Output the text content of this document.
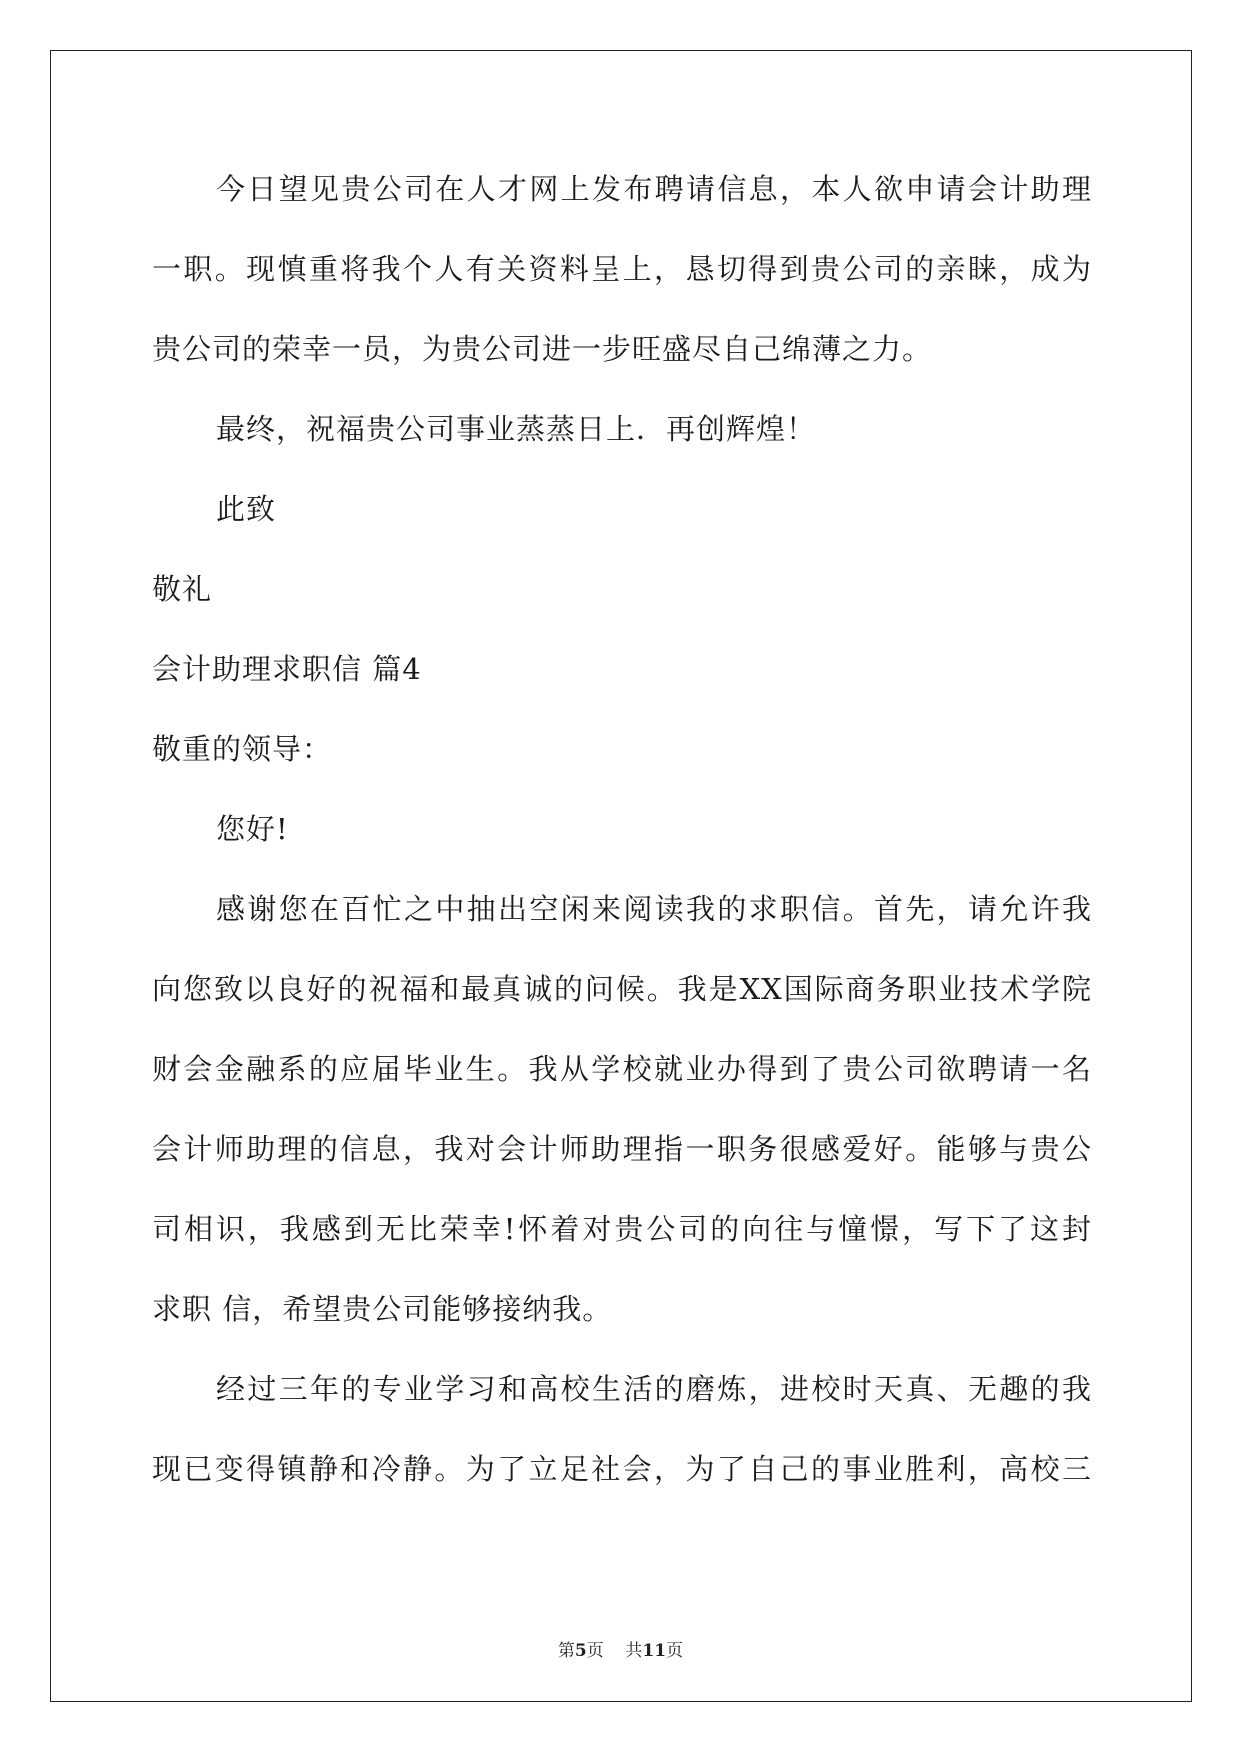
今日望见贵公司在人才网上发布聘请信息，本人欲申请会计助理
一职。现慎重将我个人有关资料呈上，恳切得到贵公司的亲睐，成为
贵公司的荣幸一员，为贵公司进一步旺盛尽自己绵薄之力。
最终，祝福贵公司事业蒸蒸日上．再创辉煌！
此致
敬礼
会计助理求职信 篇4
敬重的领导：
您好!
感谢您在百忙之中抽出空闲来阅读我的求职信。首先，请允许我
向您致以良好的祝福和最真诚的问候。我是XX国际商务职业技术学院
财会金融系的应届毕业生。我从学校就业办得到了贵公司欲聘请一名
会计师助理的信息，我对会计师助理指一职务很感爱好。能够与贵公
司相识，我感到无比荣幸!怀着对贵公司的向往与憧憬，写下了这封
求职 信，希望贵公司能够接纳我。
经过三年的专业学习和高校生活的磨炼，进校时天真、无趣的我
现已变得镇静和冷静。为了立足社会，为了自己的事业胜利，高校三
第5页 共11页
